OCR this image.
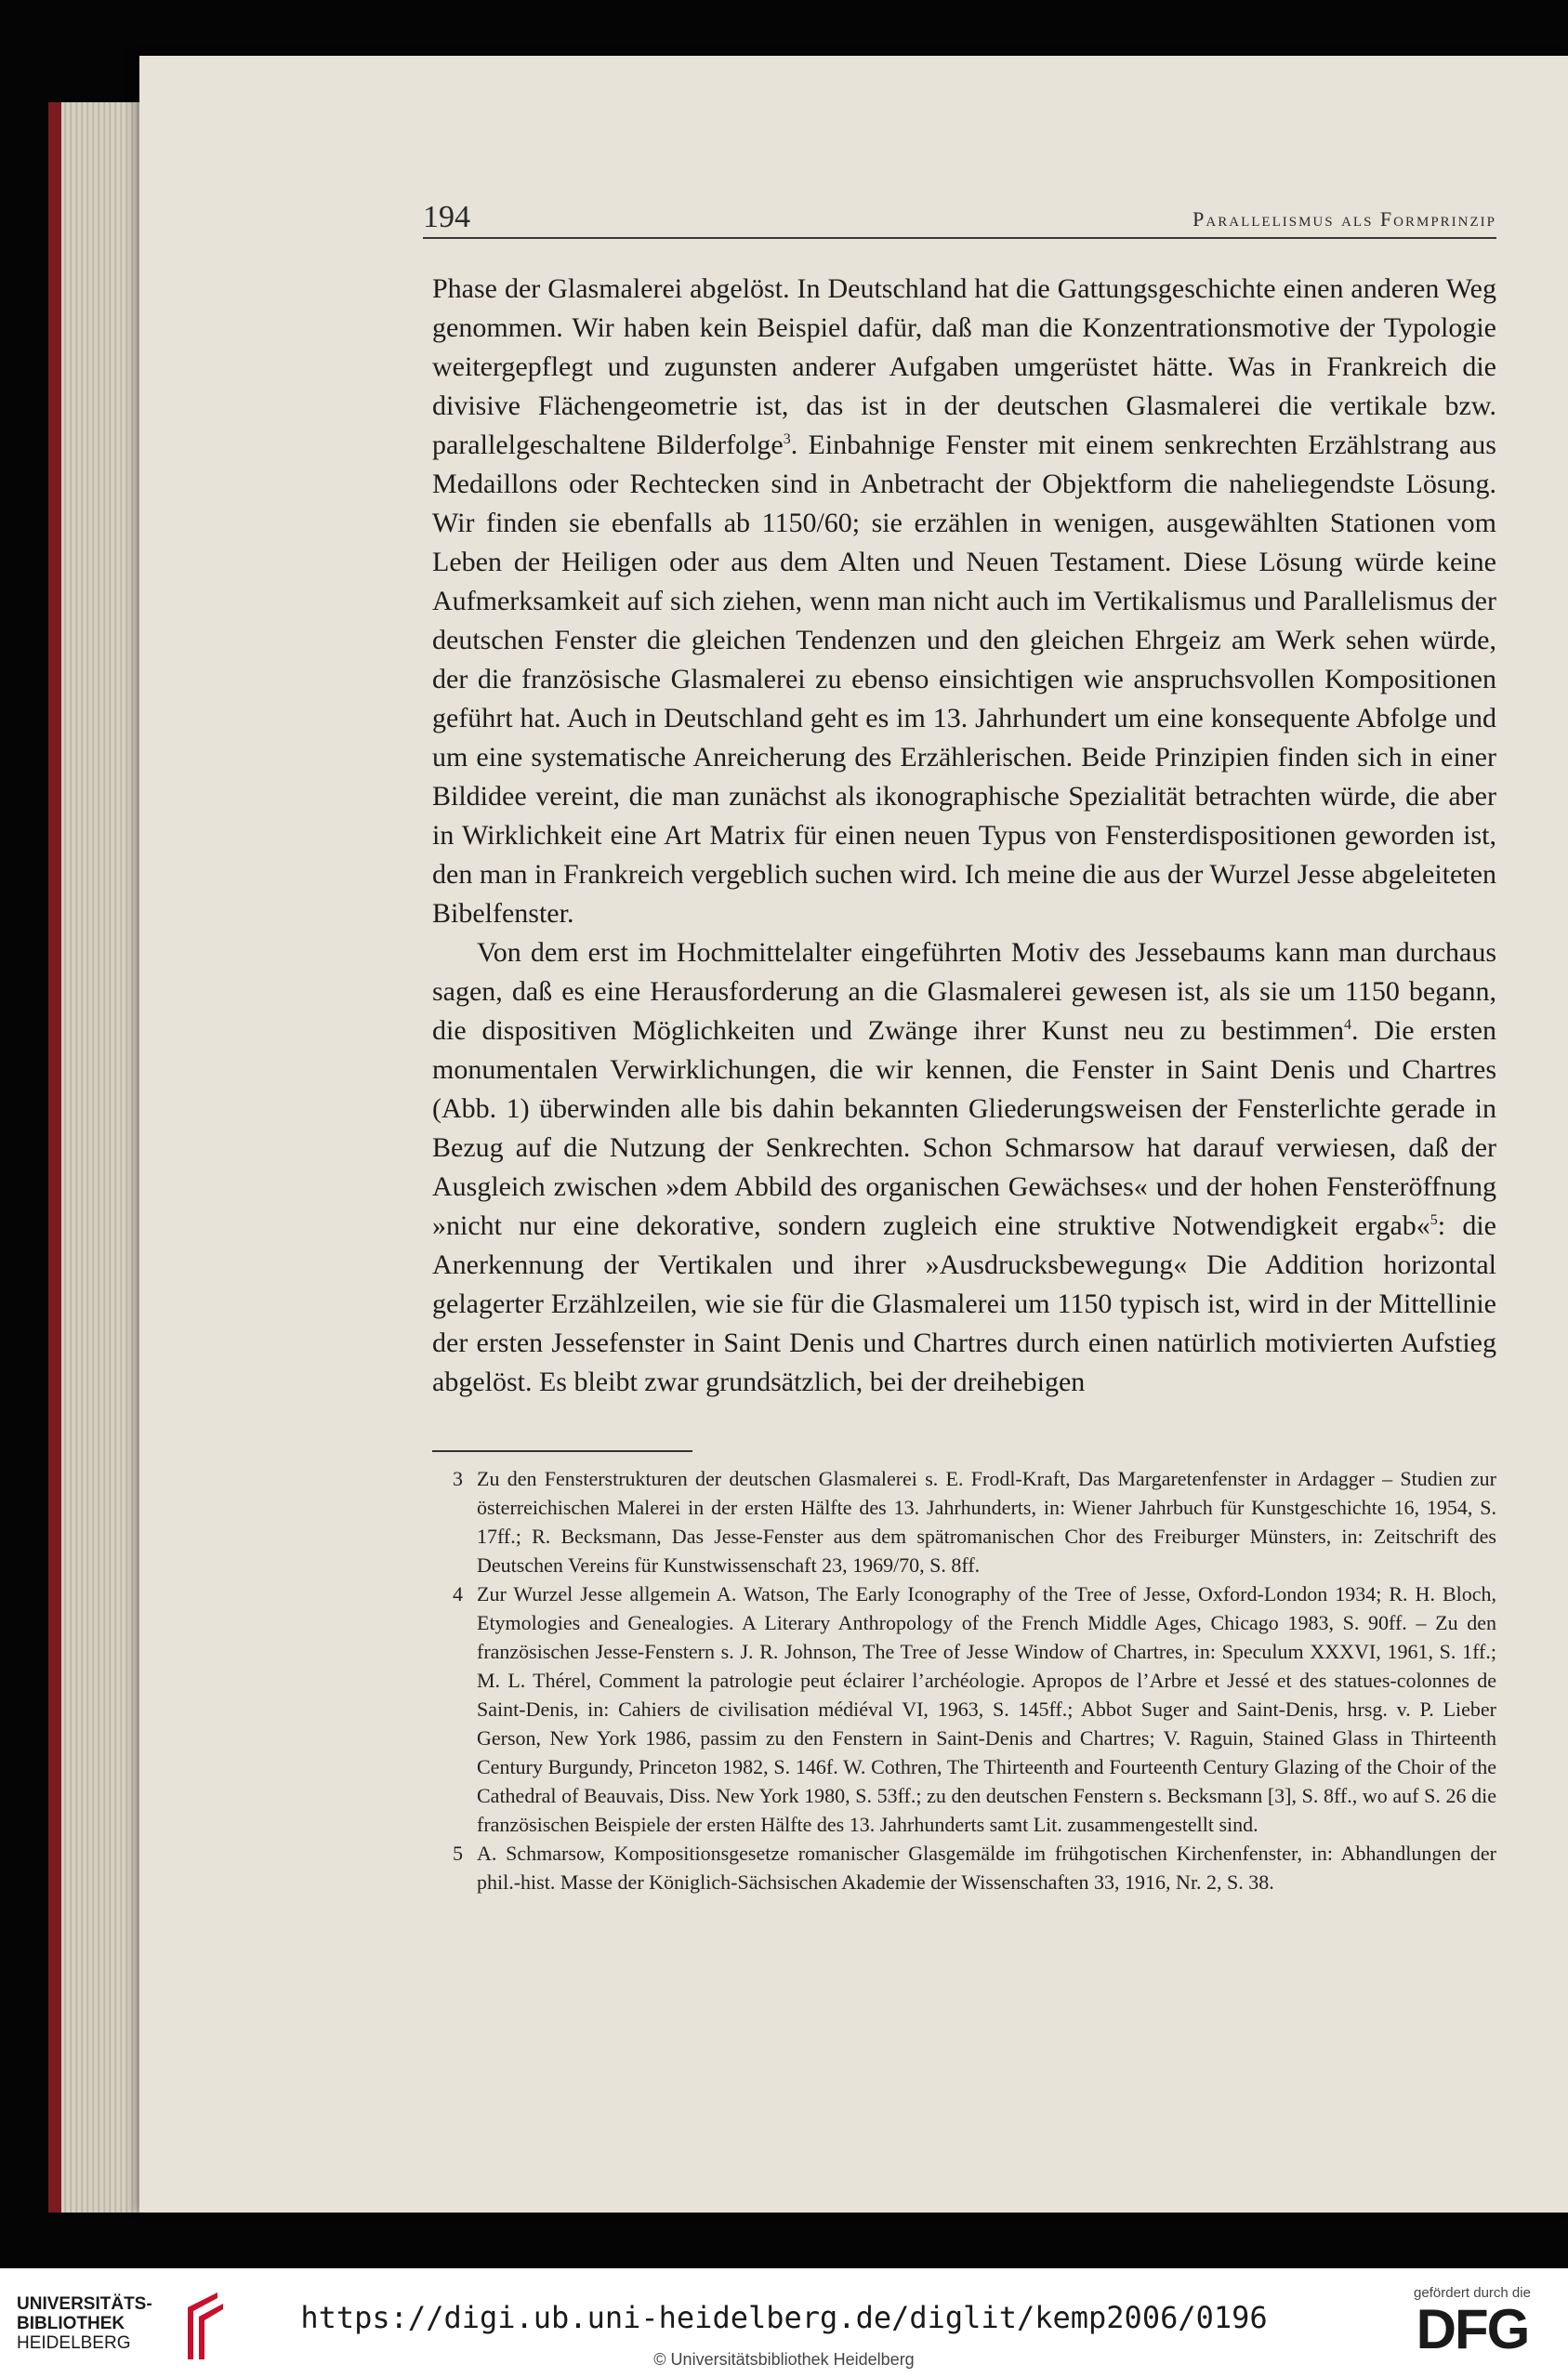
194	Parallelismus als Formprinzip

Phase der Glasmalerei abgelöst. In Deutschland hat die Gattungsgeschichte einen anderen Weg genommen. Wir haben kein Beispiel dafür, daß man die Konzentrationsmotive der Typologie weitergepflegt und zugunsten anderer Aufgaben umgerüstet hätte. Was in Frankreich die divisive Flächengeometrie ist, das ist in der deutschen Glasmalerei die vertikale bzw. parallelgeschaltene Bilderfolge$^3$. Einbahnige Fenster mit einem senkrechten Erzählstrang aus Medaillons oder Rechtecken sind in Anbetracht der Objektform die naheliegendste Lösung. Wir finden sie ebenfalls ab 1150/60; sie erzählen in wenigen, ausgewählten Stationen vom Leben der Heiligen oder aus dem Alten und Neuen Testament. Diese Lösung würde keine Aufmerksamkeit auf sich ziehen, wenn man nicht auch im Vertikalismus und Parallelismus der deutschen Fenster die gleichen Tendenzen und den gleichen Ehrgeiz am Werk sehen würde, der die französische Glasmalerei zu ebenso einsichtigen wie anspruchsvollen Kompositionen geführt hat. Auch in Deutschland geht es im 13. Jahrhundert um eine konsequente Abfolge und um eine systematische Anreicherung des Erzählerischen. Beide Prinzipien finden sich in einer Bildidee vereint, die man zunächst als ikonographische Spezialität betrachten würde, die aber in Wirklichkeit eine Art Matrix für einen neuen Typus von Fensterdispositionen geworden ist, den man in Frankreich vergeblich suchen wird. Ich meine die aus der Wurzel Jesse abgeleiteten Bibelfenster.

Von dem erst im Hochmittelalter eingeführten Motiv des Jessebaums kann man durchaus sagen, daß es eine Herausforderung an die Glasmalerei gewesen ist, als sie um 1150 begann, die dispositiven Möglichkeiten und Zwänge ihrer Kunst neu zu bestimmen$^4$. Die ersten monumentalen Verwirklichungen, die wir kennen, die Fenster in Saint Denis und Chartres (Abb. 1) überwinden alle bis dahin bekannten Gliederungsweisen der Fensterlichte gerade in Bezug auf die Nutzung der Senkrechten. Schon Schmarsow hat darauf verwiesen, daß der Ausgleich zwischen »dem Abbild des organischen Gewächses« und der hohen Fensteröffnung »nicht nur eine dekorative, sondern zugleich eine struktive Notwendigkeit ergab«$^5$: die Anerkennung der Vertikalen und ihrer »Ausdrucksbewegung« Die Addition horizontal gelagerter Erzählzeilen, wie sie für die Glasmalerei um 1150 typisch ist, wird in der Mittellinie der ersten Jessefenster in Saint Denis und Chartres durch einen natürlich motivierten Aufstieg abgelöst. Es bleibt zwar grundsätzlich, bei der dreihebigen

3 Zu den Fensterstrukturen der deutschen Glasmalerei s. E. Frodl-Kraft, Das Margaretenfenster in Ardagger – Studien zur österreichischen Malerei in der ersten Hälfte des 13. Jahrhunderts, in: Wiener Jahrbuch für Kunstgeschichte 16, 1954, S. 17ff.; R. Becksmann, Das Jesse-Fenster aus dem spätromanischen Chor des Freiburger Münsters, in: Zeitschrift des Deutschen Vereins für Kunstwissenschaft 23, 1969/70, S. 8ff.

4 Zur Wurzel Jesse allgemein A. Watson, The Early Iconography of the Tree of Jesse, Oxford-London 1934; R. H. Bloch, Etymologies and Genealogies. A Literary Anthropology of the French Middle Ages, Chicago 1983, S. 90ff. – Zu den französischen Jesse-Fenstern s. J. R. Johnson, The Tree of Jesse Window of Chartres, in: Speculum XXXVI, 1961, S. 1ff.; M. L. Thérel, Comment la patrologie peut éclairer l’archéologie. Apropos de l’Arbre et Jessé et des statues-colonnes de Saint-Denis, in: Cahiers de civilisation médiéval VI, 1963, S. 145ff.; Abbot Suger and Saint-Denis, hrsg. v. P. Lieber Gerson, New York 1986, passim zu den Fenstern in Saint-Denis and Chartres; V. Raguin, Stained Glass in Thirteenth Century Burgundy, Princeton 1982, S. 146f. W. Cothren, The Thirteenth and Fourteenth Century Glazing of the Choir of the Cathedral of Beauvais, Diss. New York 1980, S. 53ff.; zu den deutschen Fenstern s. Becksmann [3], S. 8ff., wo auf S. 26 die französischen Beispiele der ersten Hälfte des 13. Jahrhunderts samt Lit. zusammengestellt sind.

5 A. Schmarsow, Kompositionsgesetze romanischer Glasgemälde im frühgotischen Kirchenfenster, in: Abhandlungen der phil.-hist. Masse der Königlich-Sächsischen Akademie der Wissenschaften 33, 1916, Nr. 2, S. 38.

UNIVERSITÄTS-
BIBLIOTHEK
HEIDELBERG
https://digi.ub.uni-heidelberg.de/diglit/kemp2006/0196
© Universitätsbibliothek Heidelberg
gefördert durch die
DFG
